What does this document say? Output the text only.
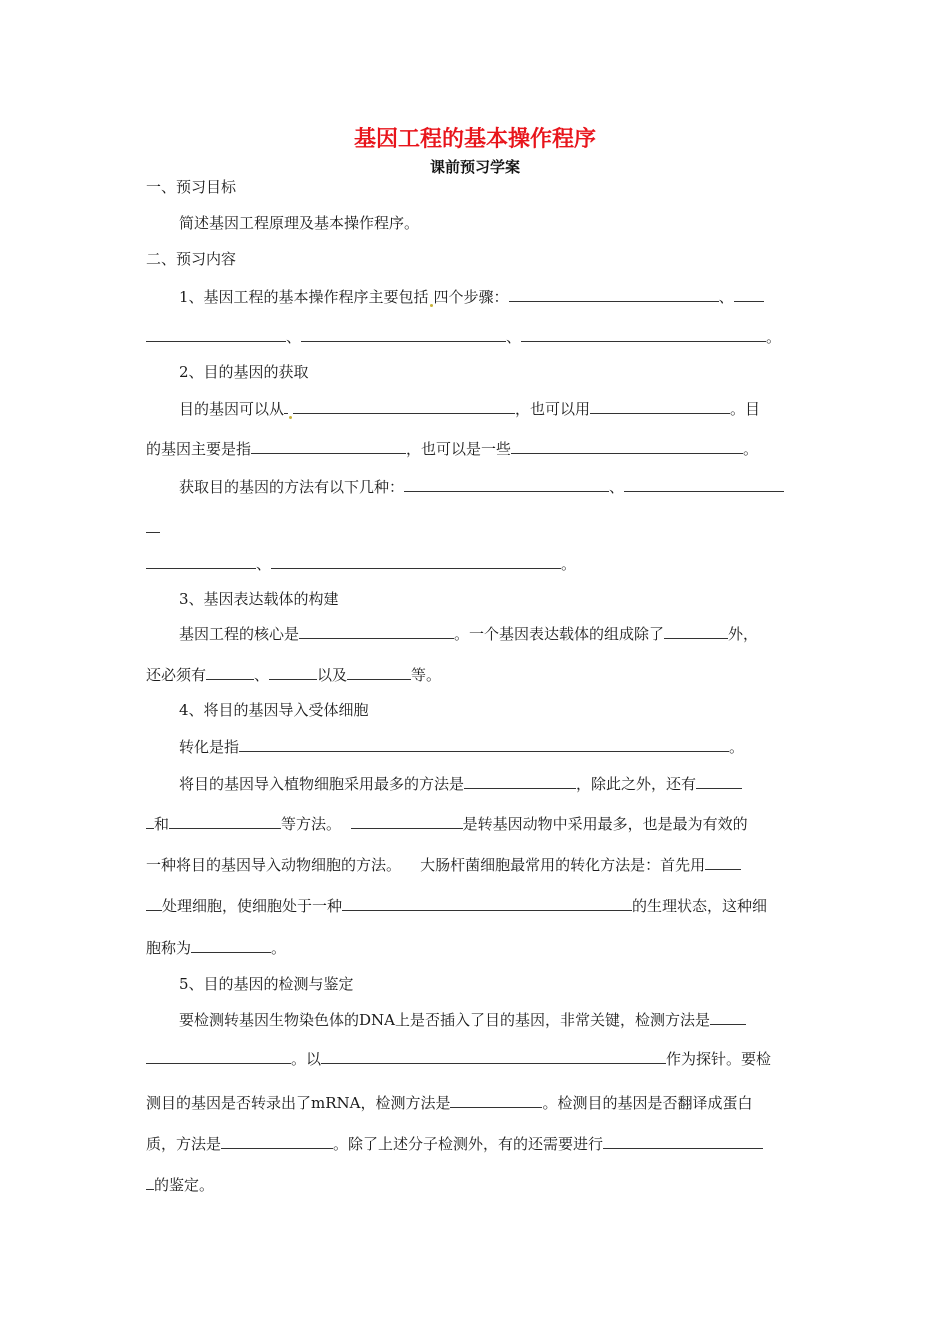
基因工程的基本操作程序
课前预习学案
一、预习目标
简述基因工程原理及基本操作程序。
二、预习内容
1、基因工程的基本操作程序主要包括 四个步骤：	、
、	、	。
2、目的基因的获取
目的基因可以从	，也可以用	。目
的基因主要是指	，也可以是一些	。
获取目的基因的方法有以下几种：	、
、	。
3、基因表达载体的构建
基因工程的核心是	。一个基因表达载体的组成除了	外，
还必须有	、	以及	等。
4、将目的基因导入受体细胞
转化是指	。
将目的基因导入植物细胞采用最多的方法是	，除此之外，还有
和	等方法。	是转基因动物中采用最多，也是最为有效的
一种将目的基因导入动物细胞的方法。    大肠杆菌细胞最常用的转化方法是：首先用
处理细胞，使细胞处于一种	的生理状态，这种细
胞称为	。
5、目的基因的检测与鉴定
要检测转基因生物染色体的DNA上是否插入了目的基因，非常关键，检测方法是
。以	作为探针。要检
测目的基因是否转录出了mRNA，检测方法是	。检测目的基因是否翻译成蛋白
质，方法是	。除了上述分子检测外，有的还需要进行
的鉴定。
